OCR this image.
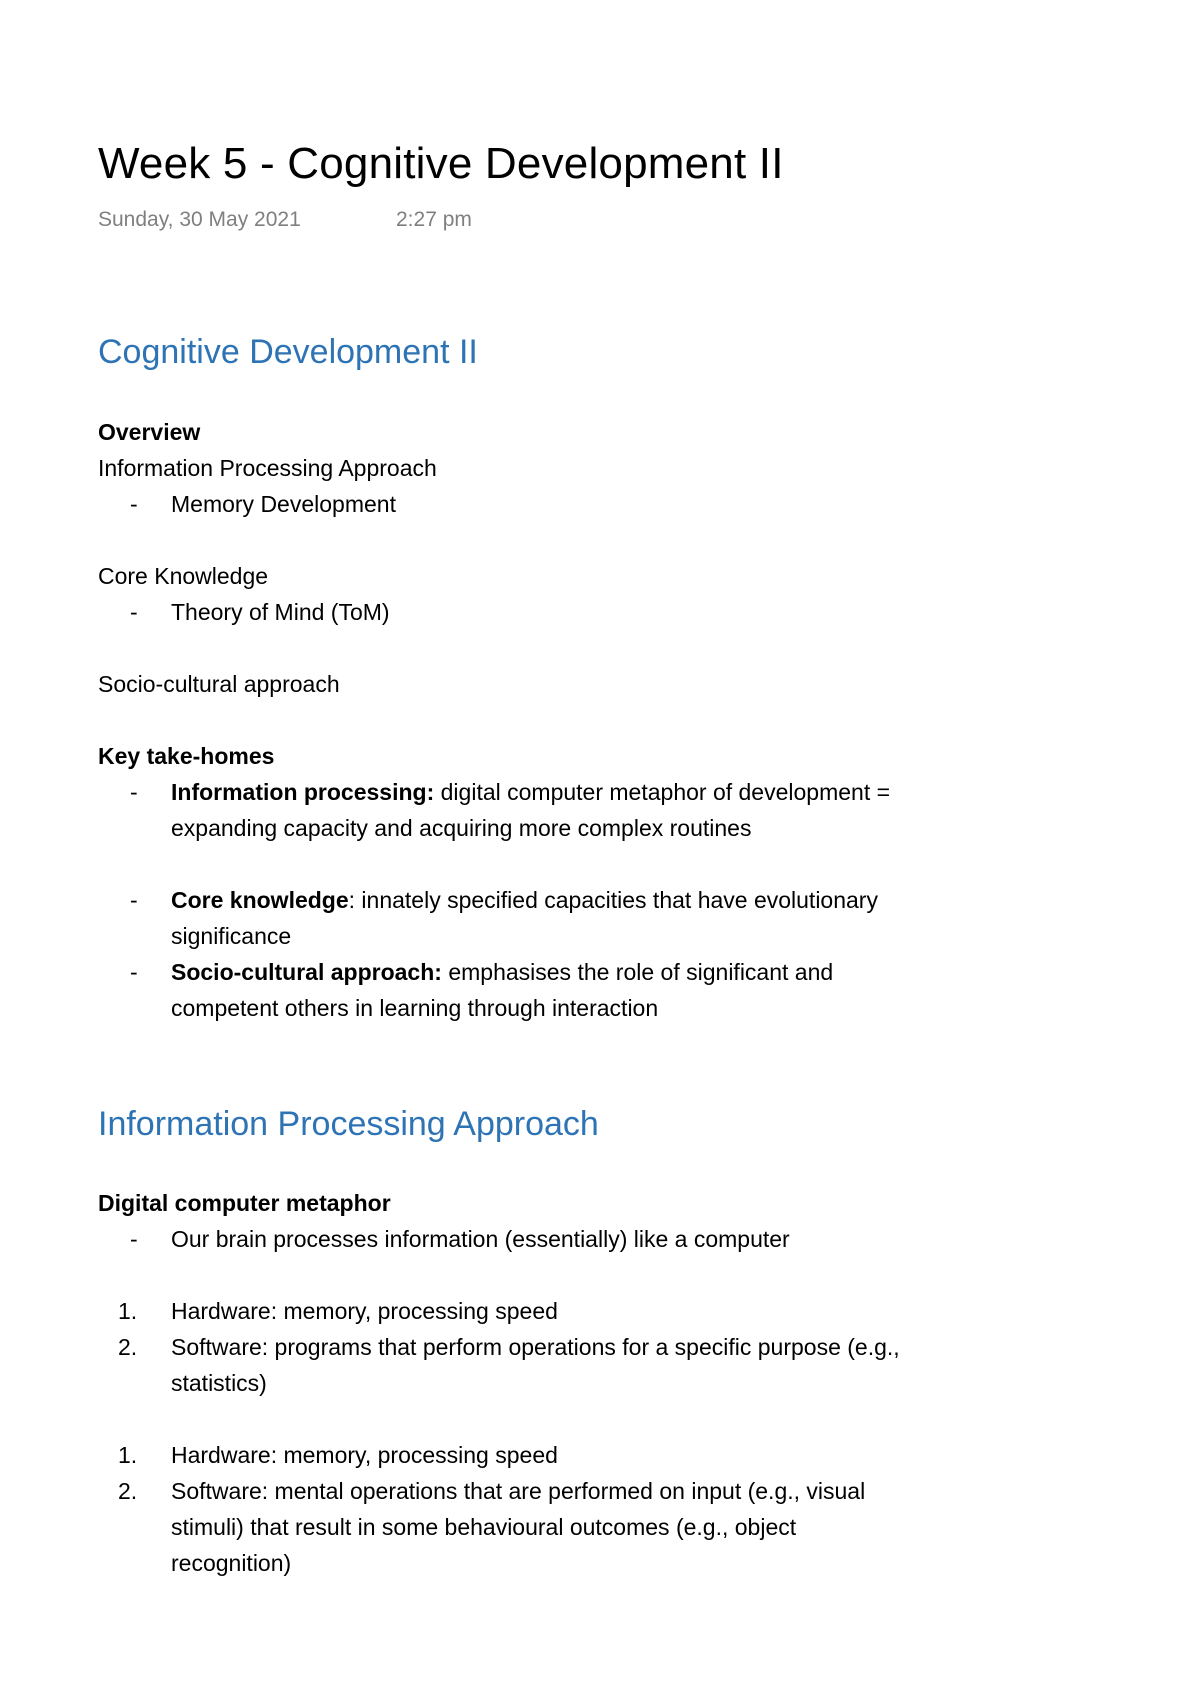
Week 5 - Cognitive Development II
Sunday, 30 May 2021	2:27 pm
Cognitive Development II
Overview
Information Processing Approach
- Memory Development
Core Knowledge
- Theory of Mind (ToM)
Socio-cultural approach
Key take-homes
- Information processing: digital computer metaphor of development = expanding capacity and acquiring more complex routines
- Core knowledge: innately specified capacities that have evolutionary significance
- Socio-cultural approach: emphasises the role of significant and competent others in learning through interaction
Information Processing Approach
Digital computer metaphor
- Our brain processes information (essentially) like a computer
1. Hardware: memory, processing speed
2. Software: programs that perform operations for a specific purpose (e.g., statistics)
1. Hardware: memory, processing speed
2. Software: mental operations that are performed on input (e.g., visual stimuli) that result in some behavioural outcomes (e.g., object recognition)
